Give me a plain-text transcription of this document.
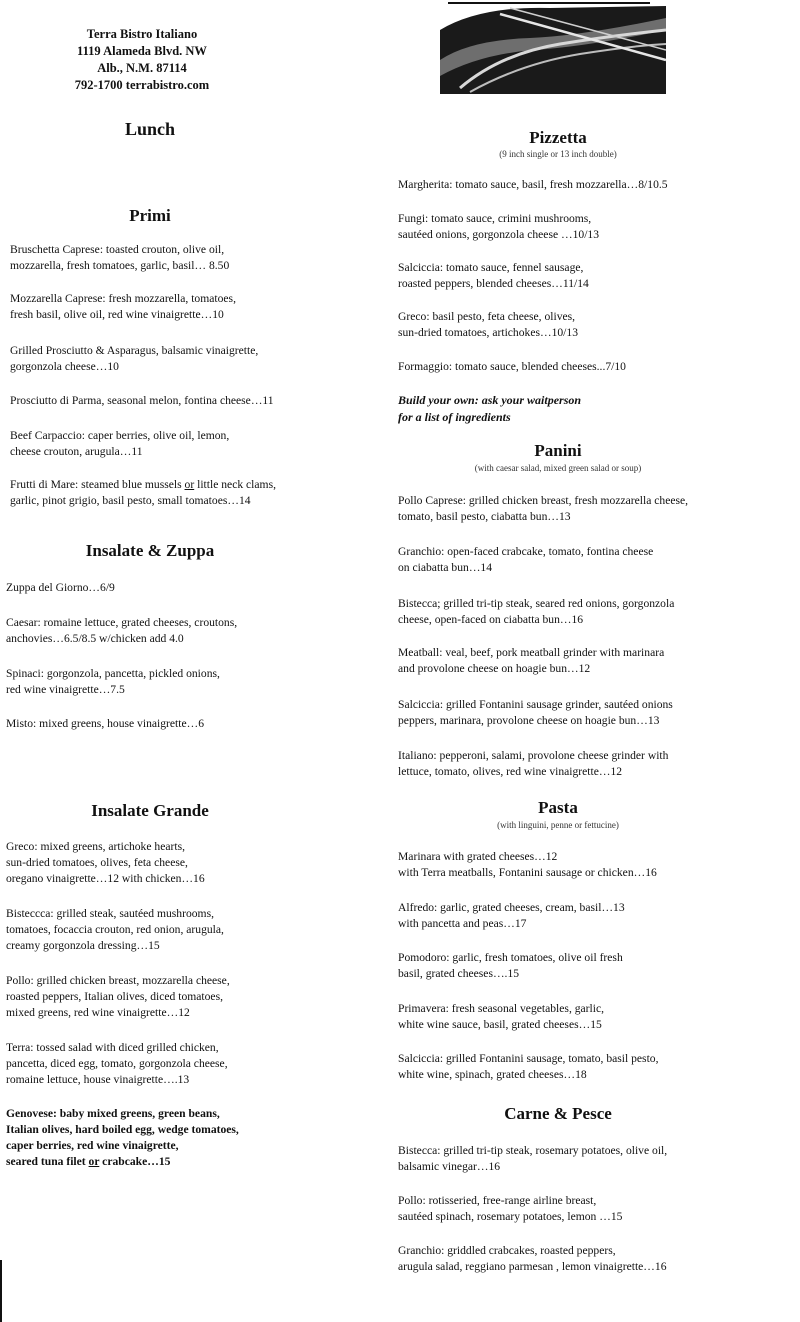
Terra Bistro Italiano
1119 Alameda Blvd. NW
Alb., N.M. 87114
792-1700 terrabistro.com
Lunch
Primi
Bruschetta Caprese: toasted crouton, olive oil,
mozzarella, fresh tomatoes, garlic, basil… 8.50
Mozzarella Caprese: fresh mozzarella, tomatoes,
fresh basil, olive oil, red wine vinaigrette…10
Grilled Prosciutto & Asparagus, balsamic vinaigrette,
gorgonzola cheese…10
Prosciutto di Parma, seasonal melon, fontina cheese…11
Beef Carpaccio: caper berries, olive oil, lemon,
cheese crouton, arugula…11
Frutti di Mare: steamed blue mussels or little neck clams,
garlic, pinot grigio, basil pesto, small tomatoes…14
Insalate & Zuppa
Zuppa del Giorno…6/9
Caesar: romaine lettuce, grated cheeses, croutons,
anchovies…6.5/8.5 w/chicken add 4.0
Spinaci: gorgonzola, pancetta, pickled onions,
red wine vinaigrette…7.5
Misto: mixed greens, house vinaigrette…6
Insalate Grande
Greco: mixed greens, artichoke hearts,
sun-dried tomatoes, olives, feta cheese,
oregano vinaigrette…12 with chicken…16
Bisteccca: grilled steak, sautéed mushrooms,
tomatoes, focaccia crouton, red onion, arugula,
creamy gorgonzola dressing…15
Pollo: grilled chicken breast, mozzarella cheese,
roasted peppers, Italian olives, diced tomatoes,
mixed greens, red wine vinaigrette…12
Terra: tossed salad with diced grilled chicken,
pancetta, diced egg, tomato, gorgonzola cheese,
romaine lettuce, house vinaigrette….13
Genovese: baby mixed greens, green beans,
Italian olives, hard boiled egg, wedge tomatoes,
caper berries, red wine vinaigrette,
seared tuna filet or crabcake…15
Pizzetta
(9 inch single or 13 inch double)
Margherita: tomato sauce, basil, fresh mozzarella…8/10.5
Fungi: tomato sauce, crimini mushrooms,
sautéed onions, gorgonzola cheese …10/13
Salciccia: tomato sauce, fennel sausage,
roasted peppers, blended cheeses…11/14
Greco: basil pesto, feta cheese, olives,
sun-dried tomatoes, artichokes…10/13
Formaggio: tomato sauce, blended cheeses...7/10
Build your own: ask your waitperson
for a list of ingredients
Panini
(with caesar salad, mixed green salad or soup)
Pollo Caprese: grilled chicken breast, fresh mozzarella cheese,
tomato, basil pesto, ciabatta bun…13
Granchio: open-faced crabcake, tomato, fontina cheese
on ciabatta bun…14
Bistecca; grilled tri-tip steak, seared red onions, gorgonzola
cheese, open-faced on ciabatta bun…16
Meatball: veal, beef, pork meatball grinder with marinara
and provolone cheese on hoagie bun…12
Salciccia: grilled Fontanini sausage grinder, sautéed onions
peppers, marinara, provolone cheese on hoagie bun…13
Italiano: pepperoni, salami, provolone cheese grinder with
lettuce, tomato, olives, red wine vinaigrette…12
Pasta
(with linguini, penne or fettucine)
Marinara with grated cheeses…12
with Terra meatballs, Fontanini sausage or chicken…16
Alfredo: garlic, grated cheeses, cream, basil…13
with pancetta and peas…17
Pomodoro: garlic, fresh tomatoes, olive oil fresh
basil, grated cheeses….15
Primavera: fresh seasonal vegetables, garlic,
white wine sauce, basil, grated cheeses…15
Salciccia: grilled Fontanini sausage, tomato, basil pesto,
white wine, spinach, grated cheeses…18
Carne & Pesce
Bistecca: grilled tri-tip steak, rosemary potatoes, olive oil,
balsamic vinegar…16
Pollo: rotisseried, free-range airline breast,
sautéed spinach, rosemary potatoes, lemon …15
Granchio: griddled crabcakes, roasted peppers,
arugula salad, reggiano parmesan , lemon vinaigrette…16
